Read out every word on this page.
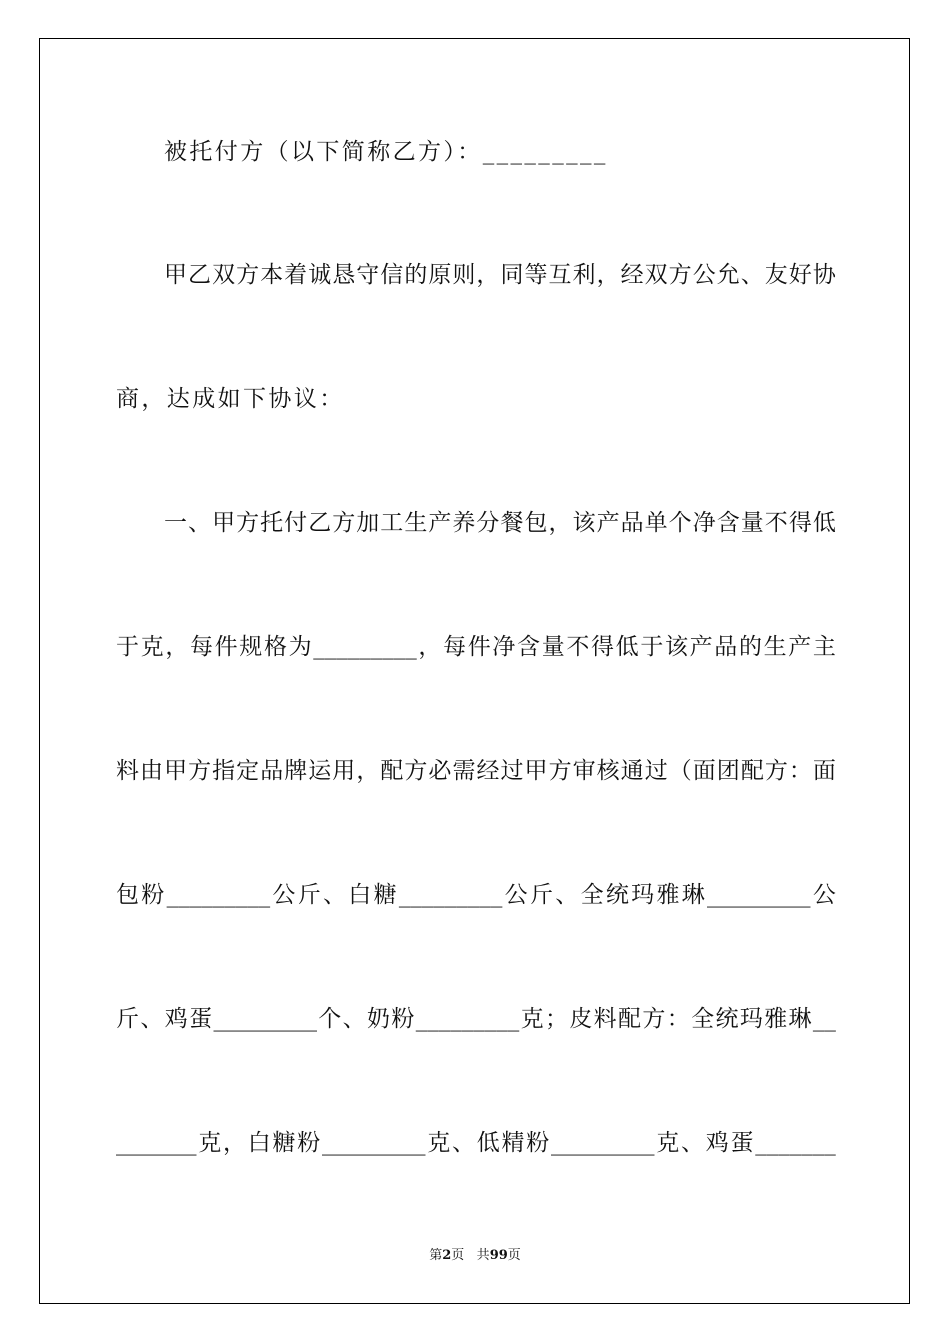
被托付方（以下简称乙方）：_________
甲 乙 双 方 本 着 诚 恳 守 信 的 原 则 ， 同 等 互 利 ， 经 双 方 公 允 、 友 好 协
商，达成如下协议：
一 、 甲 方 托 付 乙 方 加 工 生 产 养 分 餐 包 ， 该 产 品 单 个 净 含 量 不 得 低
于 克 ， 每 件 规 格 为 _________ ， 每 件 净 含 量 不 得 低 于 该 产 品 的 生 产 主
料 由 甲 方 指 定 品 牌 运 用 ， 配 方 必 需 经 过 甲 方 审 核 通 过 （ 面 团 配 方 ： 面
包 粉 _________ 公 斤 、 白 糖 _________ 公 斤 、 全 统 玛 雅 琳 _________ 公
斤 、 鸡 蛋 _________ 个 、 奶 粉 _________ 克 ； 皮 料 配 方 ： 全 统 玛 雅 琳 __
_______ 克 ， 白 糖 粉 _________ 克 、 低 精 粉 _________ 克 、 鸡 蛋 _______
第2页 共99页
